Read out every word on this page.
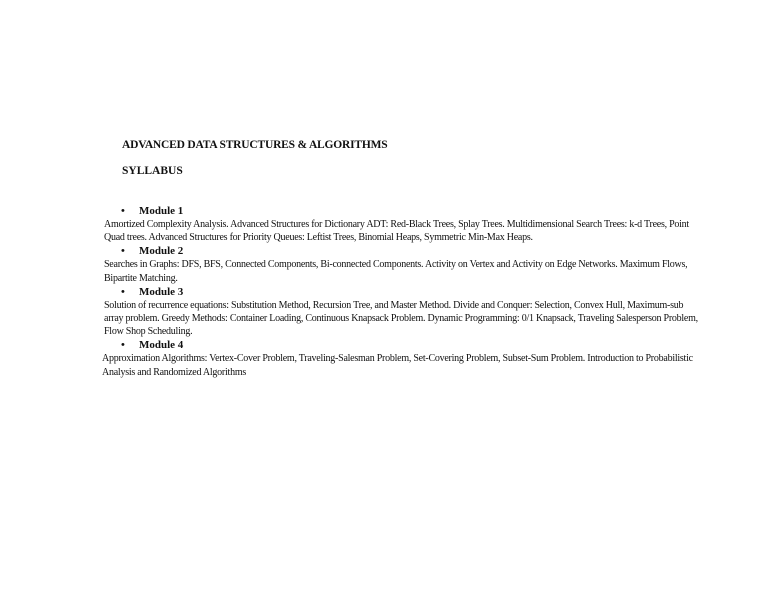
ADVANCED DATA STRUCTURES & ALGORITHMS
SYLLABUS
• Module 1
Amortized Complexity Analysis. Advanced Structures for Dictionary ADT: Red-Black Trees, Splay Trees. Multidimensional Search Trees: k-d Trees, Point Quad trees. Advanced Structures for Priority Queues: Leftist Trees, Binomial Heaps, Symmetric Min-Max Heaps.
• Module 2
Searches in Graphs: DFS, BFS, Connected Components, Bi-connected Components. Activity on Vertex and Activity on Edge Networks. Maximum Flows, Bipartite Matching.
• Module 3
Solution of recurrence equations: Substitution Method, Recursion Tree, and Master Method. Divide and Conquer: Selection, Convex Hull, Maximum-sub array problem. Greedy Methods: Container Loading, Continuous Knapsack Problem. Dynamic Programming: 0/1 Knapsack, Traveling Salesperson Problem, Flow Shop Scheduling.
• Module 4
Approximation Algorithms: Vertex-Cover Problem, Traveling-Salesman Problem, Set-Covering Problem, Subset-Sum Problem. Introduction to Probabilistic Analysis and Randomized Algorithms
